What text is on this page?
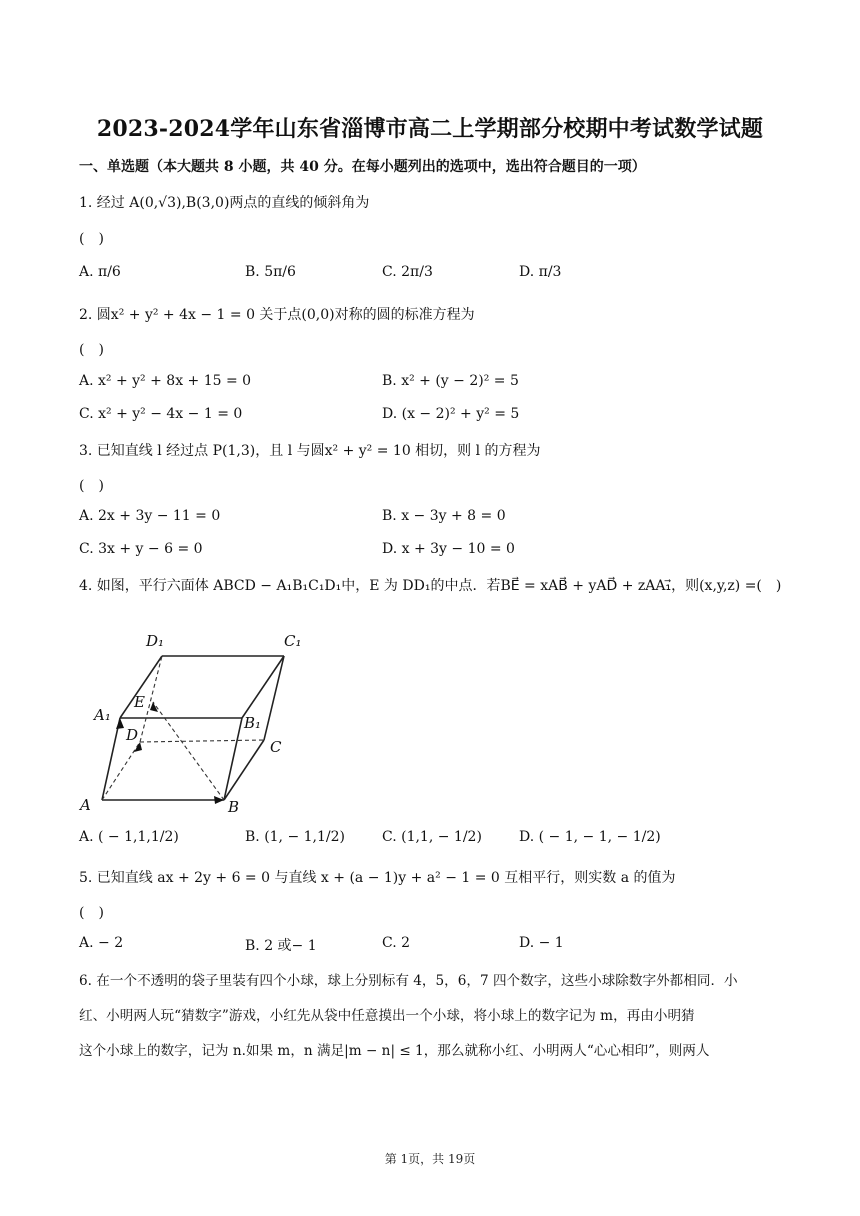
2023-2024学年山东省淄博市高二上学期部分校期中考试数学试题
一、单选题（本大题共 8 小题，共 40 分。在每小题列出的选项中，选出符合题目的一项）
1. 经过 A(0,√3),B(3,0)两点的直线的倾斜角为
(　)
A. π/6	B. 5π/6	C. 2π/3	D. π/3
2. 圆x² + y² + 4x − 1 = 0 关于点(0,0)对称的圆的标准方程为
(　)
A. x² + y² + 8x + 15 = 0	B. x² + (y − 2)² = 5
C. x² + y² − 4x − 1 = 0	D. (x − 2)² + y² = 5
3. 已知直线 l 经过点 P(1,3)，且 l 与圆x² + y² = 10 相切，则 l 的方程为
(　)
A. 2x + 3y − 11 = 0	B. x − 3y + 8 = 0
C. 3x + y − 6 = 0	D. x + 3y − 10 = 0
4. 如图，平行六面体 ABCD − A₁B₁C₁D₁中，E 为 DD₁的中点．若BE⃗ = xAB⃗ + yAD⃗ + zAA₁⃗，则(x,y,z) =(　)
D₁	C₁
A₁
E
B₁
D
C
A	B
A. ( − 1,1,1/2)	B. (1, − 1,1/2)	C. (1,1, − 1/2)	D. ( − 1, − 1, − 1/2)
5. 已知直线 ax + 2y + 6 = 0 与直线 x + (a − 1)y + a² − 1 = 0 互相平行，则实数 a 的值为
(　)
A. − 2	B. 2 或− 1	C. 2	D. − 1
6. 在一个不透明的袋子里装有四个小球，球上分别标有 4，5，6，7 四个数字，这些小球除数字外都相同．小
红、小明两人玩“猜数字”游戏，小红先从袋中任意摸出一个小球，将小球上的数字记为 m，再由小明猜
这个小球上的数字，记为 n.如果 m，n 满足|m − n| ≤ 1，那么就称小红、小明两人“心心相印”，则两人
第 1页，共 19页
